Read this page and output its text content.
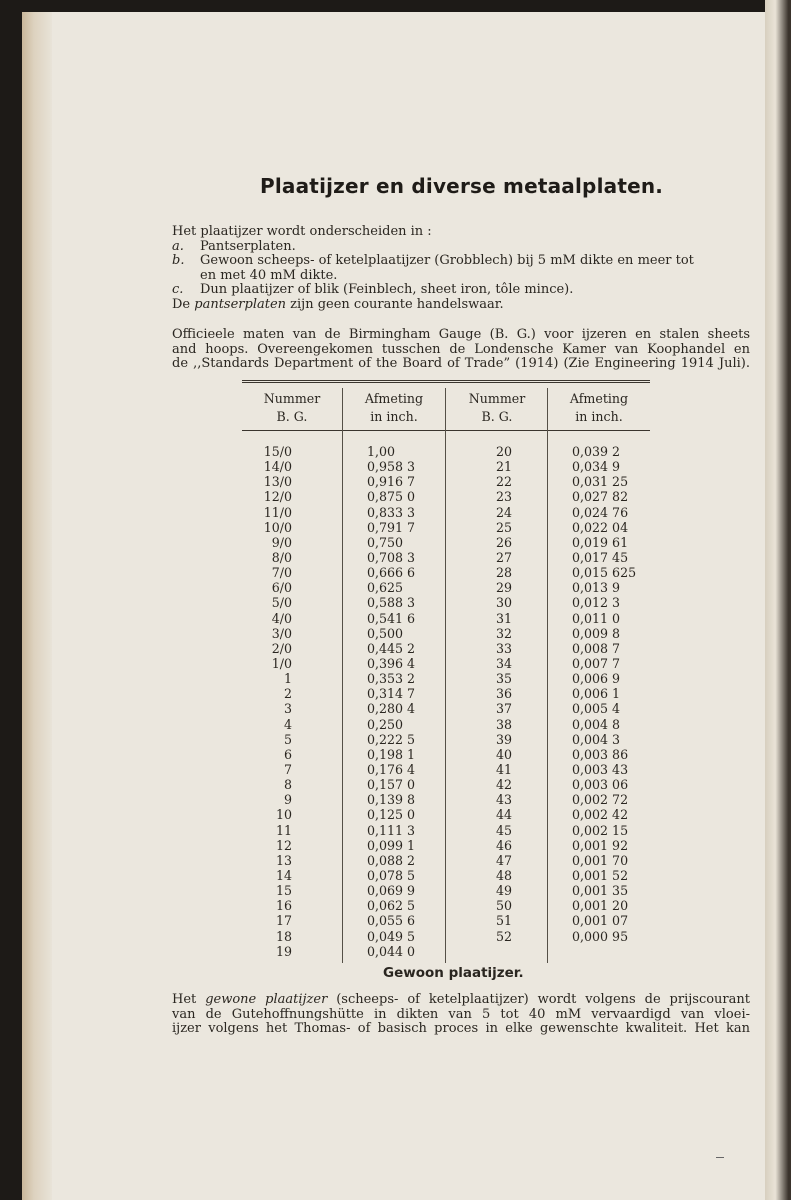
Plaatijzer en diverse metaalplaten.
Het plaatijzer wordt onderscheiden in :
a. Pantserplaten.
b. Gewoon scheeps- of ketelplaatijzer (Grobblech) bij 5 mM dikte en meer tot
en met 40 mM dikte.
c. Dun plaatijzer of blik (Feinblech, sheet iron, tôle mince).
De pantserplaten zijn geen courante handelswaar.
Officieele maten van de Birmingham Gauge (B. G.) voor ijzeren en stalen sheets
and hoops. Overeengekomen tusschen de Londensche Kamer van Koophandel en
de ,,Standards Department of the Board of Trade” (1914) (Zie Engineering 1914 Juli).
Nummer
B. G.
Afmeting
in inch.
Nummer
B. G.
Afmeting
in inch.
15/0
14/0
13/0
12/0
11/0
10/0
9/0
8/0
7/0
6/0
5/0
4/0
3/0
2/0
1/0
1
2
3
4
5
6
7
8
9
10
11
12
13
14
15
16
17
18
19
1,00
0,958 3
0,916 7
0,875 0
0,833 3
0,791 7
0,750
0,708 3
0,666 6
0,625
0,588 3
0,541 6
0,500
0,445 2
0,396 4
0,353 2
0,314 7
0,280 4
0,250
0,222 5
0,198 1
0,176 4
0,157 0
0,139 8
0,125 0
0,111 3
0,099 1
0,088 2
0,078 5
0,069 9
0,062 5
0,055 6
0,049 5
0,044 0
20
21
22
23
24
25
26
27
28
29
30
31
32
33
34
35
36
37
38
39
40
41
42
43
44
45
46
47
48
49
50
51
52
0,039 2
0,034 9
0,031 25
0,027 82
0,024 76
0,022 04
0,019 61
0,017 45
0,015 625
0,013 9
0,012 3
0,011 0
0,009 8
0,008 7
0,007 7
0,006 9
0,006 1
0,005 4
0,004 8
0,004 3
0,003 86
0,003 43
0,003 06
0,002 72
0,002 42
0,002 15
0,001 92
0,001 70
0,001 52
0,001 35
0,001 20
0,001 07
0,000 95
Gewoon plaatijzer.
Het gewone plaatijzer (scheeps- of ketelplaatijzer) wordt volgens de prijscourant
van de Gutehoffnungshütte in dikten van 5 tot 40 mM vervaardigd van vloei-
ijzer volgens het Thomas- of basisch proces in elke gewenschte kwaliteit. Het kan
